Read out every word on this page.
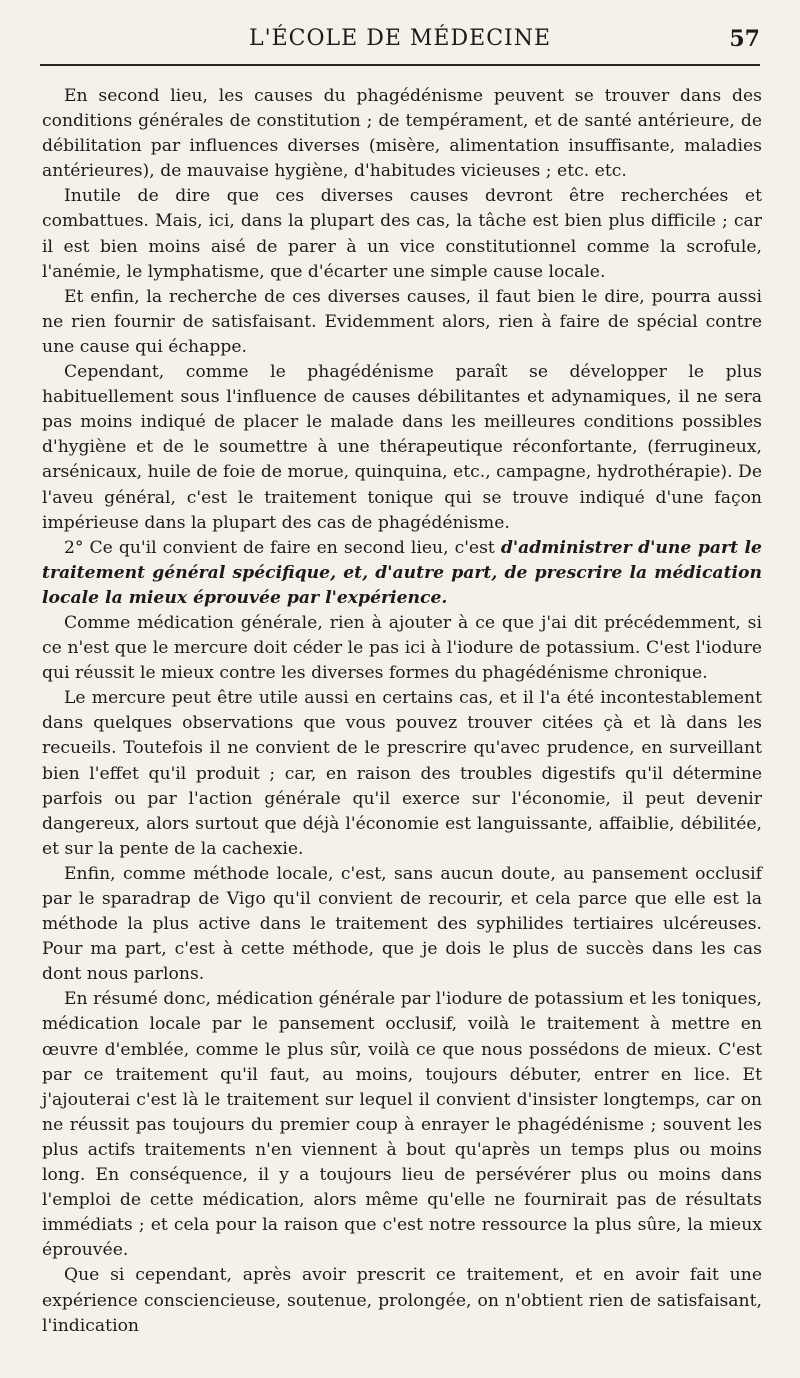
L'ÉCOLE DE MÉDECINE	57

En second lieu, les causes du phagédénisme peuvent se trouver dans des conditions générales de constitution ; de tempérament, et de santé antérieure, de débilitation par influences diverses (misère, alimentation insuffisante, maladies antérieures), de mauvaise hygiène, d'habitudes vicieuses ; etc. etc.

Inutile de dire que ces diverses causes devront être recherchées et combattues. Mais, ici, dans la plupart des cas, la tâche est bien plus difficile ; car il est bien moins aisé de parer à un vice constitutionnel comme la scrofule, l'anémie, le lymphatisme, que d'écarter une simple cause locale.

Et enfin, la recherche de ces diverses causes, il faut bien le dire, pourra aussi ne rien fournir de satisfaisant. Evidemment alors, rien à faire de spécial contre une cause qui échappe.

Cependant, comme le phagédénisme paraît se développer le plus habituellement sous l'influence de causes débilitantes et adynamiques, il ne sera pas moins indiqué de placer le malade dans les meilleures conditions possibles d'hygiène et de le soumettre à une thérapeutique réconfortante, (ferrugineux, arsénicaux, huile de foie de morue, quinquina, etc., campagne, hydrothérapie). De l'aveu général, c'est le traitement tonique qui se trouve indiqué d'une façon impérieuse dans la plupart des cas de phagédénisme.

2° Ce qu'il convient de faire en second lieu, c'est d'administrer d'une part le traitement général spécifique, et, d'autre part, de prescrire la médication locale la mieux éprouvée par l'expérience.

Comme médication générale, rien à ajouter à ce que j'ai dit précédemment, si ce n'est que le mercure doit céder le pas ici à l'iodure de potassium. C'est l'iodure qui réussit le mieux contre les diverses formes du phagédénisme chronique.

Le mercure peut être utile aussi en certains cas, et il l'a été incontestablement dans quelques observations que vous pouvez trouver citées çà et là dans les recueils. Toutefois il ne convient de le prescrire qu'avec prudence, en surveillant bien l'effet qu'il produit ; car, en raison des troubles digestifs qu'il détermine parfois ou par l'action générale qu'il exerce sur l'économie, il peut devenir dangereux, alors surtout que déjà l'économie est languissante, affaiblie, débilitée, et sur la pente de la cachexie.

Enfin, comme méthode locale, c'est, sans aucun doute, au pansement occlusif par le sparadrap de Vigo qu'il convient de recourir, et cela parce que elle est la méthode la plus active dans le traitement des syphilides tertiaires ulcéreuses. Pour ma part, c'est à cette méthode, que je dois le plus de succès dans les cas dont nous parlons.

En résumé donc, médication générale par l'iodure de potassium et les toniques, médication locale par le pansement occlusif, voilà le traitement à mettre en œuvre d'emblée, comme le plus sûr, voilà ce que nous possédons de mieux. C'est par ce traitement qu'il faut, au moins, toujours débuter, entrer en lice. Et j'ajouterai c'est là le traitement sur lequel il convient d'insister longtemps, car on ne réussit pas toujours du premier coup à enrayer le phagédénisme ; souvent les plus actifs traitements n'en viennent à bout qu'après un temps plus ou moins long. En conséquence, il y a toujours lieu de persévérer plus ou moins dans l'emploi de cette médication, alors même qu'elle ne fournirait pas de résultats immédiats ; et cela pour la raison que c'est notre ressource la plus sûre, la mieux éprouvée.

Que si cependant, après avoir prescrit ce traitement, et en avoir fait une expérience consciencieuse, soutenue, prolongée, on n'obtient rien de satisfaisant, l'indication
